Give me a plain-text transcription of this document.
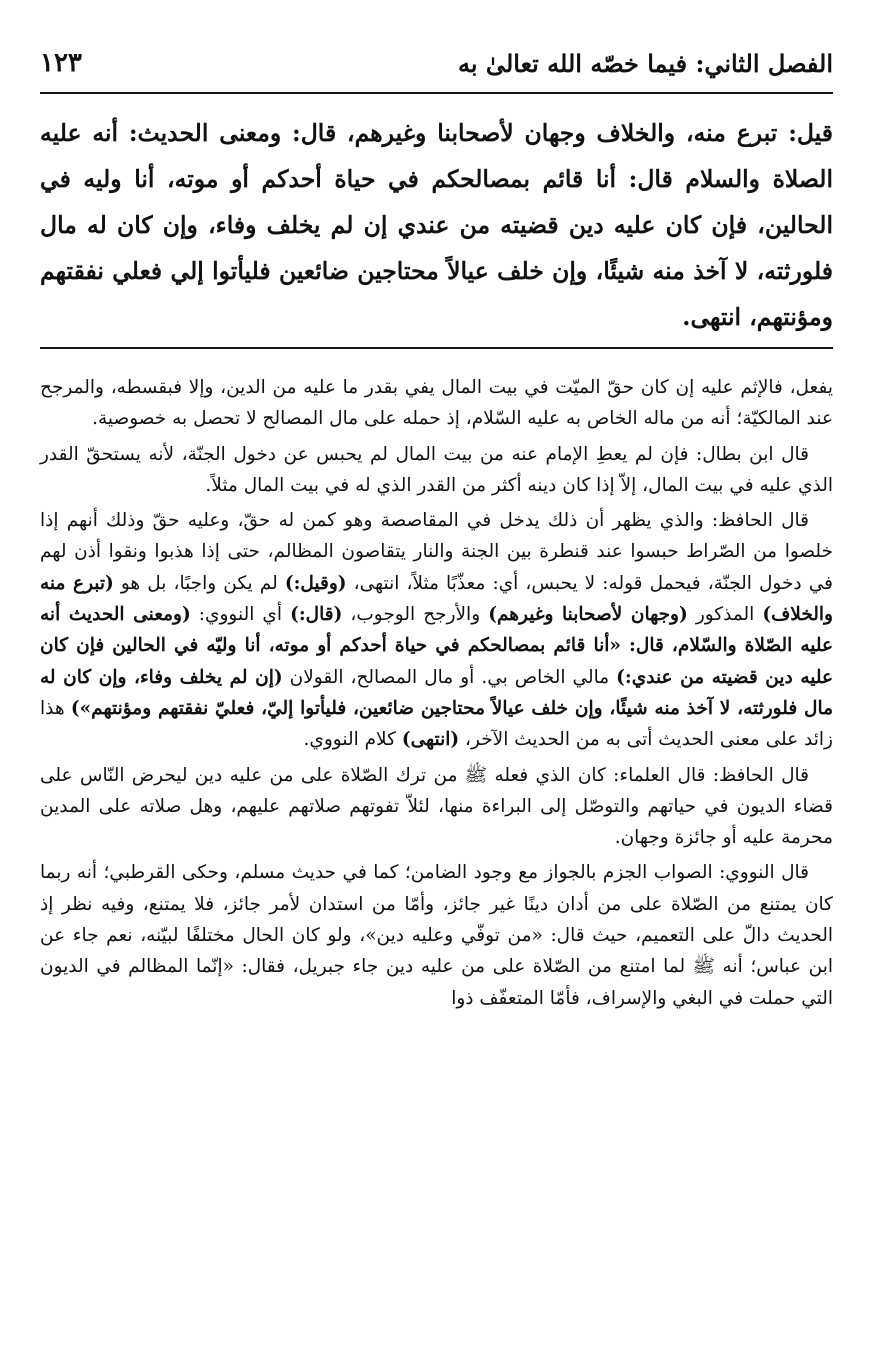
الفصل الثاني: فيما خصّه الله تعالىٰ به
١٢٣

قيل: تبرع منه، والخلاف وجهان لأصحابنا وغيرهم، قال: ومعنى الحديث: أنه عليه الصلاة والسلام قال: أنا قائم بمصالحكم في حياة أحدكم أو موته، أنا وليه في الحالين، فإن كان عليه دين قضيته من عندي إن لم يخلف وفاء، وإن كان له مال فلورثته، لا آخذ منه شيئًا، وإن خلف عيالاً محتاجين ضائعين فليأتوا إلي فعلي نفقتهم ومؤنتهم، انتهى.

يفعل، فالإثم عليه إن كان حقّ الميّت في بيت المال يفي بقدر ما عليه من الدين، وإلا فبقسطه، والمرجح عند المالكيّة؛ أنه من ماله الخاص به عليه السّلام، إذ حمله على مال المصالح لا تحصل به خصوصية.

قال ابن بطال: فإن لم يعطِ الإمام عنه من بيت المال لم يحبس عن دخول الجنّة، لأنه يستحقّ القدر الذي عليه في بيت المال، إلاّ إذا كان دينه أكثر من القدر الذي له في بيت المال مثلاً.

قال الحافظ: والذي يظهر أن ذلك يدخل في المقاصصة وهو كمن له حقّ، وعليه حقّ وذلك أنهم إذا خلصوا من الصّراط حبسوا عند قنطرة بين الجنة والنار يتقاصون المظالم، حتى إذا هذبوا ونقوا أذن لهم في دخول الجنّة، فيحمل قوله: لا يحبس، أي: معذّبًا مثلاً، انتهى، (وقيل:) لم يكن واجبًا، بل هو (تبرع منه والخلاف) المذكور (وجهان لأصحابنا وغيرهم) والأرجح الوجوب، (قال:) أي النووي: (ومعنى الحديث أنه عليه الصّلاة والسّلام، قال: «أنا قائم بمصالحكم في حياة أحدكم أو موته، أنا وليّه في الحالين فإن كان عليه دين قضيته من عندي:) مالي الخاص بي. أو مال المصالح، القولان (إن لم يخلف وفاء، وإن كان له مال فلورثته، لا آخذ منه شيئًا، وإن خلف عيالاً محتاجين ضائعين، فليأتوا إليّ، فعليّ نفقتهم ومؤنتهم») هذا زائد على معنى الحديث أتى به من الحديث الآخر، (انتهى) كلام النووي.

قال الحافظ: قال العلماء: كان الذي فعله ﷺ من ترك الصّلاة على من عليه دين ليحرض النّاس على قضاء الديون في حياتهم والتوصّل إلى البراءة منها، لئلاّ تفوتهم صلاتهم عليهم، وهل صلاته على المدين محرمة عليه أو جائزة وجهان.

قال النووي: الصواب الجزم بالجواز مع وجود الضامن؛ كما في حديث مسلم، وحكى القرطبي؛ أنه ربما كان يمتنع من الصّلاة على من أدان دينًا غير جائز، وأمّا من استدان لأمر جائز، فلا يمتنع، وفيه نظر إذ الحديث دالّ على التعميم، حيث قال: «من توفّي وعليه دين»، ولو كان الحال مختلفًا لبيّنه، نعم جاء عن ابن عباس؛ أنه ﷺ لما امتنع من الصّلاة على من عليه دين جاء جبريل، فقال: «إنّما المظالم في الديون التي حملت في البغي والإسراف، فأمّا المتعفّف ذوا
